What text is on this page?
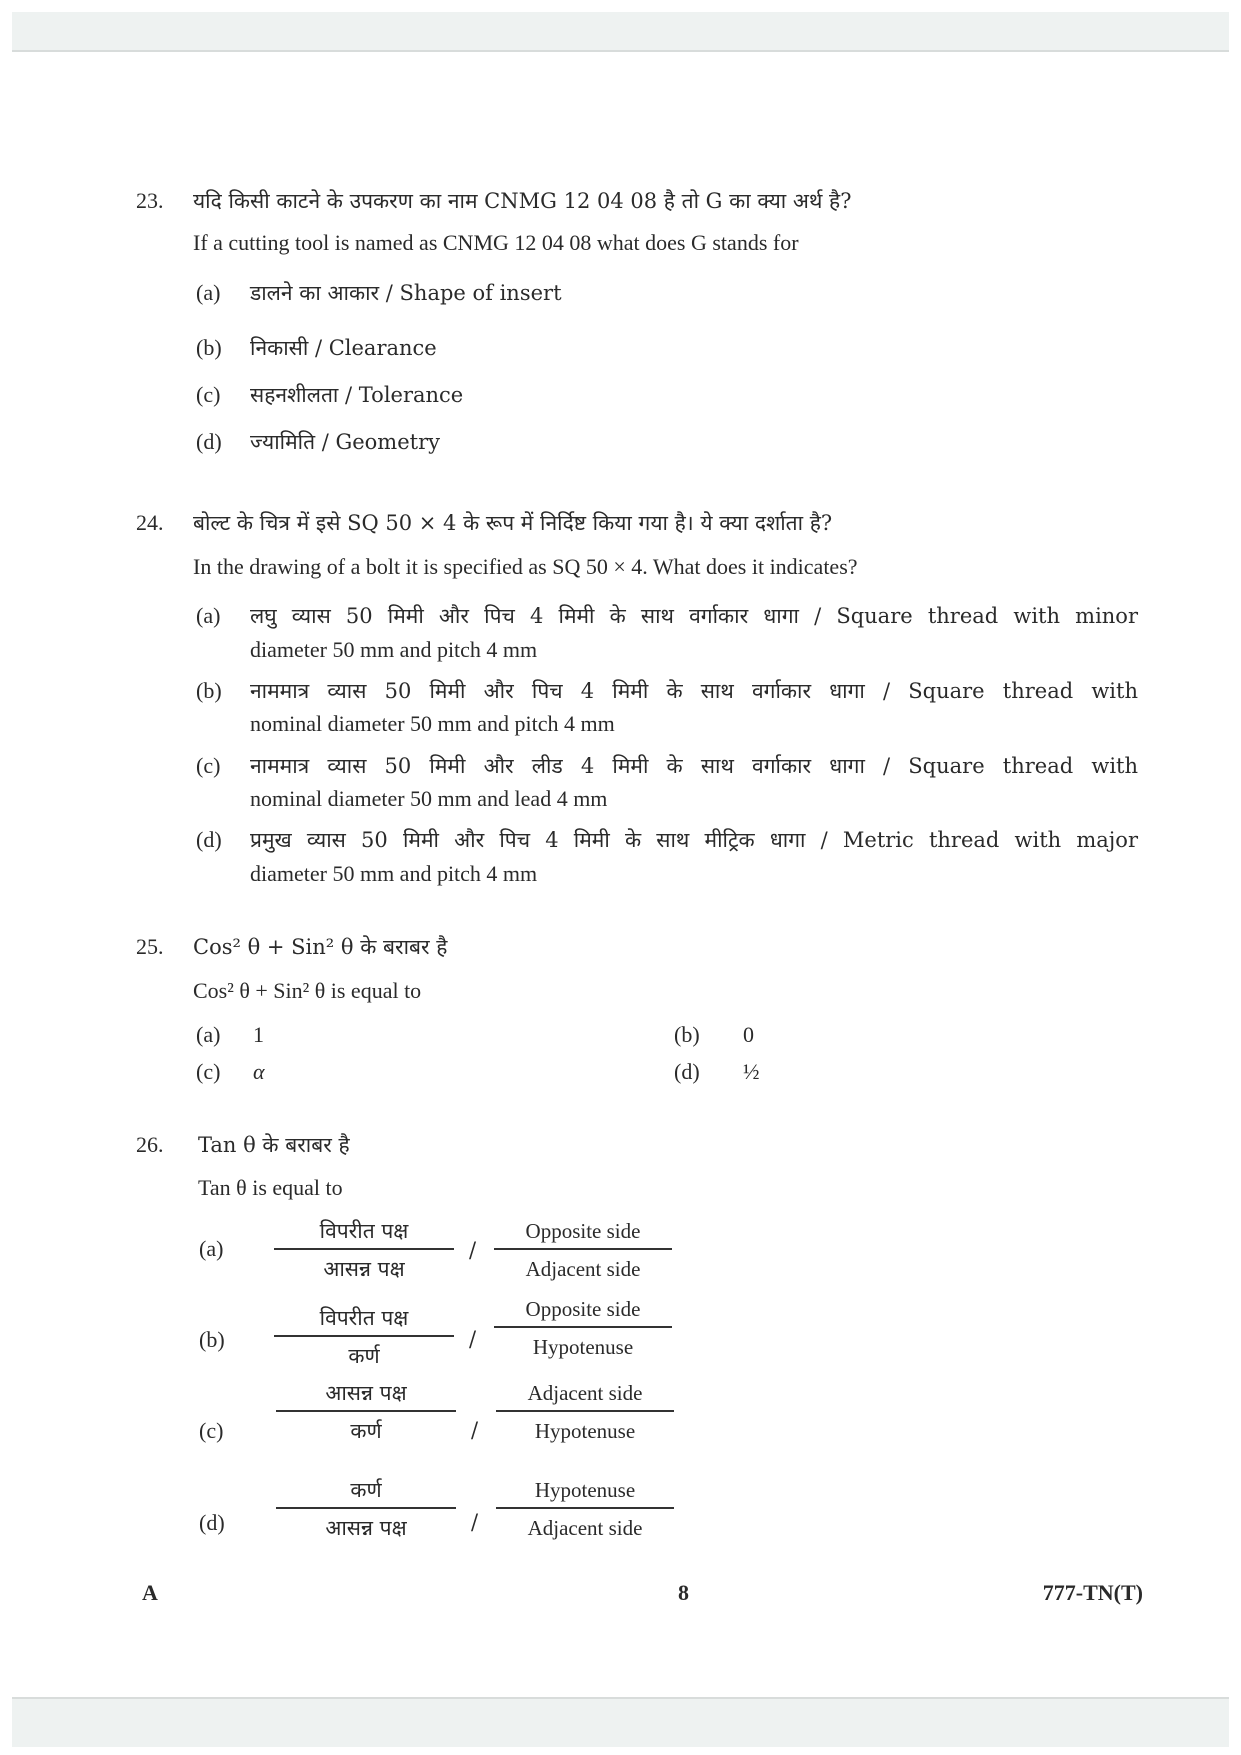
23. यदि किसी काटने के उपकरण का नाम CNMG 12 04 08 है तो G का क्या अर्थ है?
If a cutting tool is named as CNMG 12 04 08 what does G stands for
(a) डालने का आकार / Shape of insert
(b) निकासी / Clearance
(c) सहनशीलता / Tolerance
(d) ज्यामिति / Geometry
24. बोल्ट के चित्र में इसे SQ 50 × 4 के रूप में निर्दिष्ट किया गया है। ये क्या दर्शाता है?
In the drawing of a bolt it is specified as SQ 50 × 4. What does it indicates?
(a) लघु व्यास 50 मिमी और पिच 4 मिमी के साथ वर्गाकार धागा / Square thread with minor
diameter 50 mm and pitch 4 mm
(b) नाममात्र व्यास 50 मिमी और पिच 4 मिमी के साथ वर्गाकार धागा / Square thread with
nominal diameter 50 mm and pitch 4 mm
(c) नाममात्र व्यास 50 मिमी और लीड 4 मिमी के साथ वर्गाकार धागा / Square thread with
nominal diameter 50 mm and lead 4 mm
(d) प्रमुख व्यास 50 मिमी और पिच 4 मिमी के साथ मीट्रिक धागा / Metric thread with major
diameter 50 mm and pitch 4 mm
25. Cos² θ + Sin² θ के बराबर है
Cos² θ + Sin² θ is equal to
(a) 1	(b) 0
(c) α	(d) ½
26. Tan θ के बराबर है
Tan θ is equal to
(a)
विपरीत पक्ष
आसन्न पक्ष
/
Opposite side
Adjacent side
(b)
विपरीत पक्ष
कर्ण
/
Opposite side
Hypotenuse
(c)
आसन्न पक्ष
कर्ण	/
Adjacent side
Hypotenuse
(d)
कर्ण
आसन्न पक्ष	/
Hypotenuse
Adjacent side
A	8	777-TN(T)
